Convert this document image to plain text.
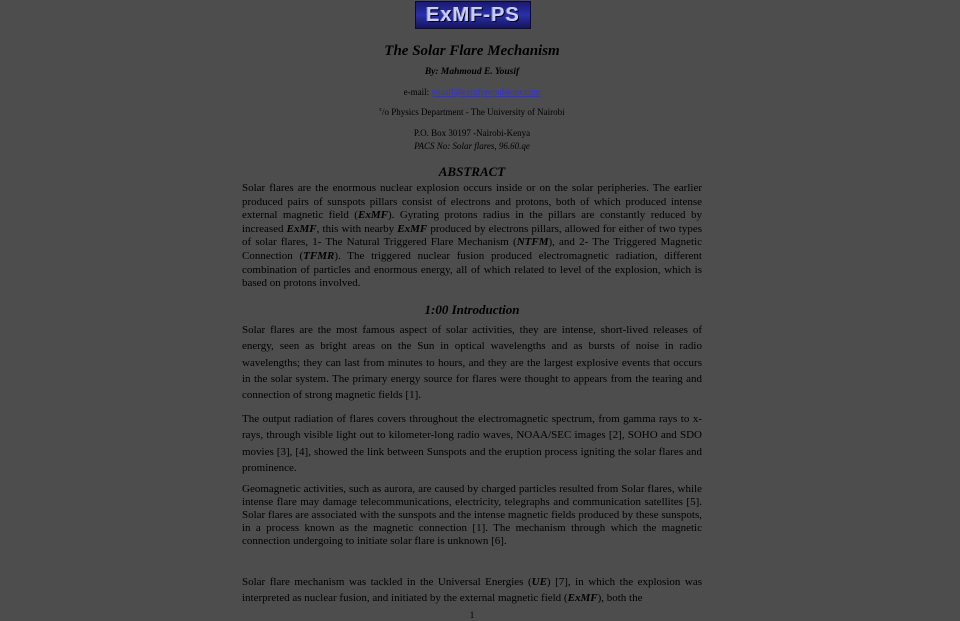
ExMF-PS
The Solar Flare Mechanism
By: Mahmoud E. Yousif
e-mail: yousif@exmfpropulsions.com
$^c$/o Physics Department - The University of Nairobi
P.O. Box 30197 -Nairobi-Kenya
PACS No: Solar flares, 96.60.qe
ABSTRACT

Solar flares are the enormous nuclear explosion occurs inside or on the solar peripheries. The earlier produced pairs of sunspots pillars consist of electrons and protons, both of which produced intense external magnetic field (ExMF). Gyrating protons radius in the pillars are constantly reduced by increased ExMF, this with nearby ExMF produced by electrons pillars, allowed for either of two types of solar flares, 1- The Natural Triggered Flare Mechanism (NTFM), and 2- The Triggered Magnetic Connection (TFMR). The triggered nuclear fusion produced electromagnetic radiation, different combination of particles and enormous energy, all of which related to level of the explosion, which is based on protons involved.

1:00 Introduction

Solar flares are the most famous aspect of solar activities, they are intense, short-lived releases of energy, seen as bright areas on the Sun in optical wavelengths and as bursts of noise in radio wavelengths; they can last from minutes to hours, and they are the largest explosive events that occurs in the solar system. The primary energy source for flares were thought to appears from the tearing and connection of strong magnetic fields [1].

The output radiation of flares covers throughout the electromagnetic spectrum, from gamma rays to x-rays, through visible light out to kilometer-long radio waves, NOAA/SEC images [2], SOHO and SDO movies [3], [4], showed the link between Sunspots and the eruption process igniting the solar flares and prominence.

Geomagnetic activities, such as aurora, are caused by charged particles resulted from Solar flares, while intense flare may damage telecommunications, electricity, telegraphs and communication satellites [5]. Solar flares are associated with the sunspots and the intense magnetic fields produced by these sunspots, in a process known as the magnetic connection [1]. The mechanism through which the magnetic connection undergoing to initiate solar flare is unknown [6].

Solar flare mechanism was tackled in the Universal Energies (UE) [7], in which the explosion was interpreted as nuclear fusion, and initiated by the external magnetic field (ExMF), both the

1
